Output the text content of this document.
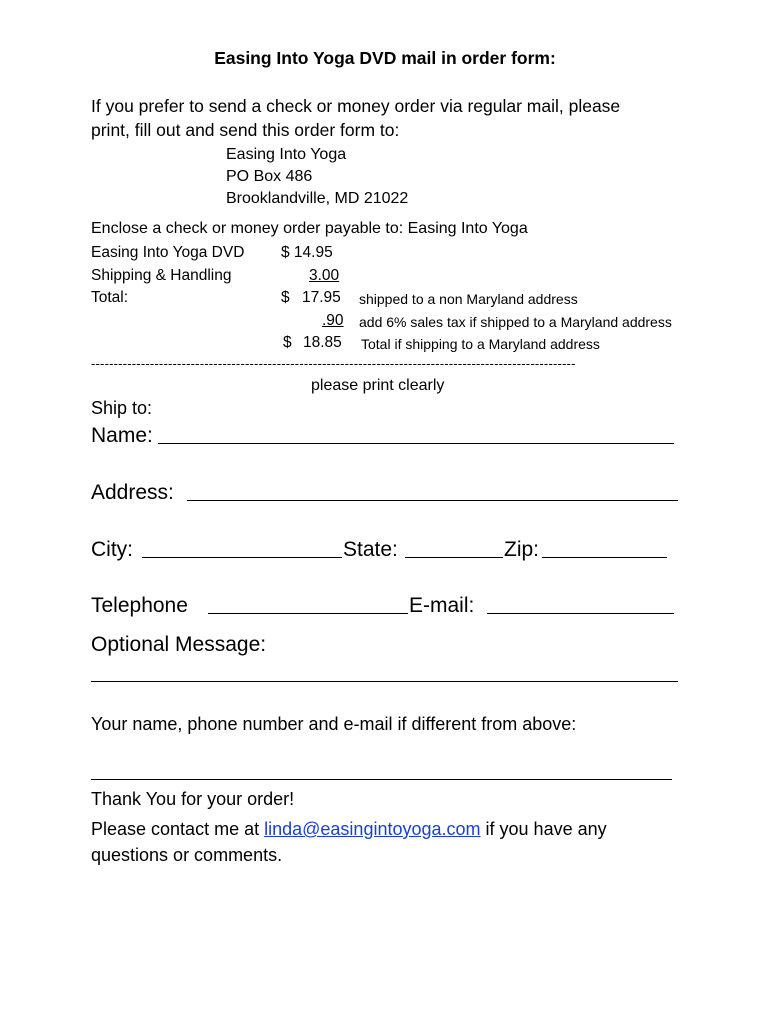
Easing Into Yoga DVD mail in order form:
If you prefer to send a check or money order via regular mail, please
print, fill out and send this order form to:
Easing Into Yoga
PO Box 486
Brooklandville, MD 21022
Enclose a check or money order payable to: Easing Into Yoga
Easing Into Yoga DVD $ 14.95
Shipping & Handling	3.00
Total:	$ 17.95 shipped to a non Maryland address
.90	add 6% sales tax if shipped to a Maryland address
$ 18.85 Total if shipping to a Maryland address
-----------------------------------------------------------------------------------------------------------
please print clearly
Ship to:
Name:
Address:
City:	State:	Zip:
Telephone	E-mail:
Optional Message:
Your name, phone number and e-mail if different from above:
Thank You for your order!
Please contact me at linda@easingintoyoga.com if you have any
questions or comments.
